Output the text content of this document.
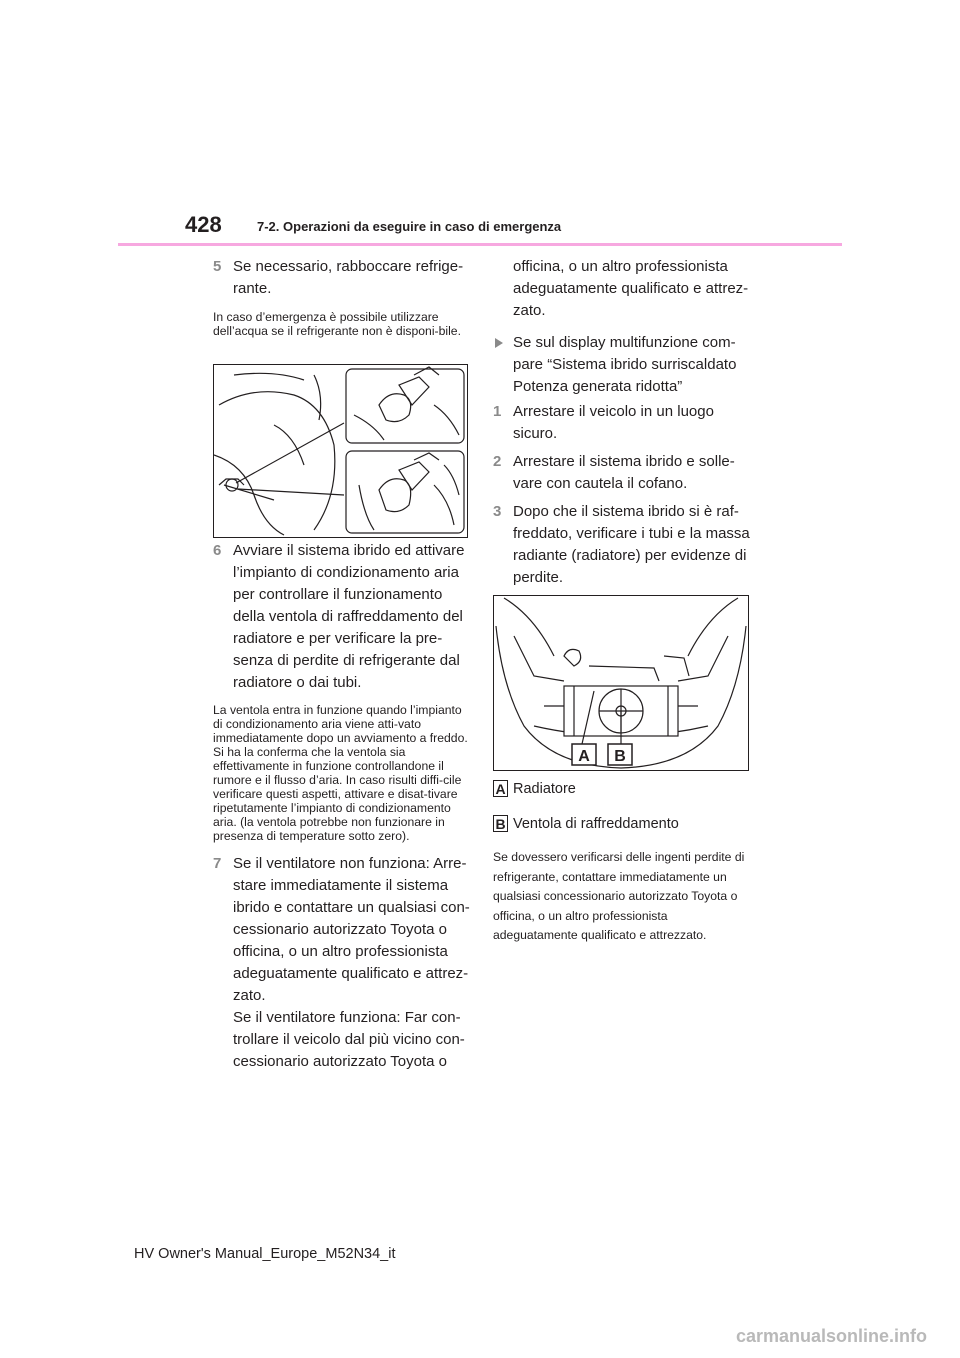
428	7-2. Operazioni da eseguire in caso di emergenza

5 Se necessario, rabboccare refrige-rante.

In caso d’emergenza è possibile utilizzare dell’acqua se il refrigerante non è disponi-bile.

6 Avviare il sistema ibrido ed attivare l’impianto di condizionamento aria per controllare il funzionamento della ventola di raffreddamento del radiatore e per verificare la pre-senza di perdite di refrigerante dal radiatore o dai tubi.

La ventola entra in funzione quando l’impianto di condizionamento aria viene atti-vato immediatamente dopo un avviamento a freddo. Si ha la conferma che la ventola sia effettivamente in funzione controllandone il rumore e il flusso d’aria. In caso risulti diffi-cile verificare questi aspetti, attivare e disat-tivare ripetutamente l’impianto di condizionamento aria. (la ventola potrebbe non funzionare in presenza di temperature sotto zero).

7 Se il ventilatore non funziona: Arre-stare immediatamente il sistema ibrido e contattare un qualsiasi con-cessionario autorizzato Toyota o officina, o un altro professionista adeguatamente qualificato e attrez-zato.
Se il ventilatore funziona: Far con-trollare il veicolo dal più vicino con-cessionario autorizzato Toyota o

officina, o un altro professionista adeguatamente qualificato e attrez-zato.

Se sul display multifunzione com-pare “Sistema ibrido surriscaldato Potenza generata ridotta”

1 Arrestare il veicolo in un luogo sicuro.

2 Arrestare il sistema ibrido e solle-vare con cautela il cofano.

3 Dopo che il sistema ibrido si è raf-freddato, verificare i tubi e la massa radiante (radiatore) per evidenze di perdite.

A B
A Radiatore
B Ventola di raffreddamento

Se dovessero verificarsi delle ingenti perdite di refrigerante, contattare immediatamente un qualsiasi concessionario autorizzato Toyota o officina, o un altro professionista adeguatamente qualificato e attrezzato.

HV Owner's Manual_Europe_M52N34_it
carmanualsonline.info
